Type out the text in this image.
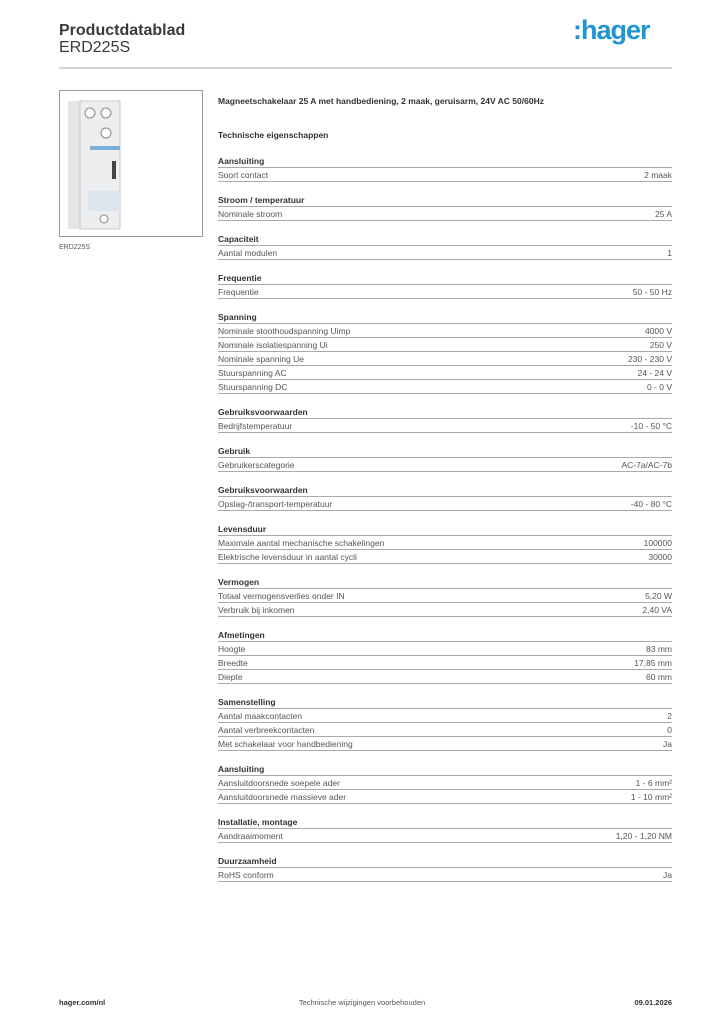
Productdatablad
ERD225S
:hager
ERD225S
Magneetschakelaar 25 A met handbediening, 2 maak, geruisarm, 24V AC 50/60Hz
Technische eigenschappen
Aansluiting
Soort contact	2 maak
Stroom / temperatuur
Nominale stroom	25 A
Capaciteit
Aantal modulen	1
Frequentie
Frequentie	50 - 50 Hz
Spanning
Nominale stoothoudspanning Uimp	4000 V
Nominale isolatiespanning Ui	250 V
Nominale spanning Ue	230 - 230 V
Stuurspanning AC	24 - 24 V
Stuurspanning DC	0 - 0 V
Gebruiksvoorwaarden
Bedrijfstemperatuur	-10 - 50 °C
Gebruik
Gebruikerscategorie	AC-7a/AC-7b
Gebruiksvoorwaarden
Opslag-/transport-temperatuur	-40 - 80 °C
Levensduur
Maximale aantal mechanische schakelingen	100000
Elektrische levensduur in aantal cycli	30000
Vermogen
Totaal vermogensverlies onder IN	5,20 W
Verbruik bij inkomen	2,40 VA
Afmetingen
Hoogte	83 mm
Breedte	17,85 mm
Diepte	60 mm
Samenstelling
Aantal maakcontacten	2
Aantal verbreekcontacten	0
Met schakelaar voor handbediening	Ja
Aansluiting
Aansluitdoorsnede soepele ader	1 - 6 mm²
Aansluitdoorsnede massieve ader	1 - 10 mm²
Installatie, montage
Aandraaimoment	1,20 - 1,20 NM
Duurzaamheid
RoHS conform	Ja
hager.com/nl	Technische wijzigingen voorbehouden	09.01.2026
